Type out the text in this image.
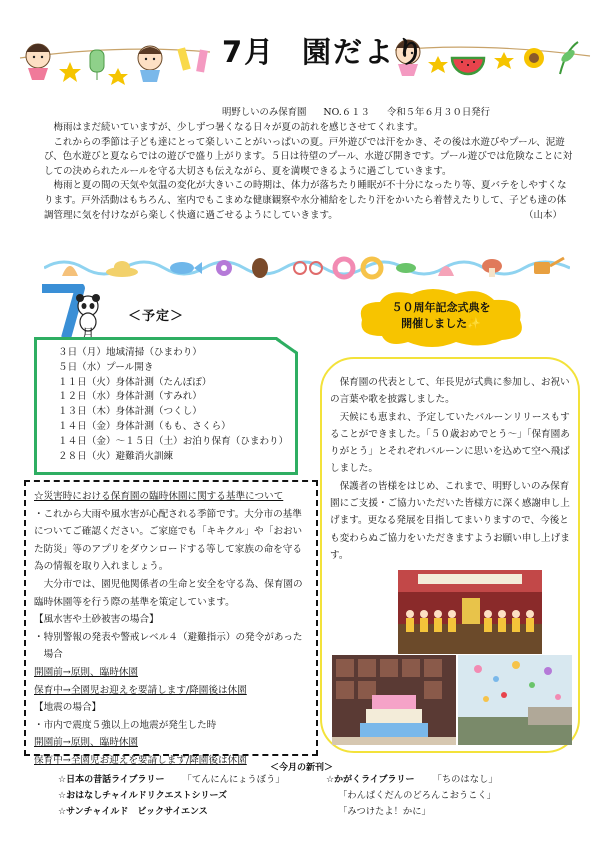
7月 園だより
明野しいのみ保育園 NO.６１３ 令和５年６月３０日発行

梅雨はまだ続いていますが、少しずつ暑くなる日々が夏の訪れを感じさせてくれます。

これからの季節は子ども達にとって楽しいことがいっぱいの夏。戸外遊びでは汗をかき、その後は水遊びやプール、泥遊び、色水遊びと夏ならではの遊びで盛り上がります。５日は待望のプール、水遊び開きです。プール遊びでは危険なことに対しての決められたルールを守る大切さも伝えながら、夏を満喫できるように過ごしていきます。

梅雨と夏の間の天気や気温の変化が大きいこの時期は、体力が落ちたり睡眠が不十分になったり等、夏バテをしやすくなります。戸外活動はもちろん、室内でもこまめな健康観察や水分補給をしたり汗をかいたら着替えたりして、子ども達の体調管理に気を付けながら楽しく快適に過ごせるようにしていきます。	（山本）

月
＜予定＞
３日（月）地域清掃（ひまわり）
５日（水）プール開き
１１日（火）身体計測（たんぽぽ）
１２日（水）身体計測（すみれ）
１３日（木）身体計測（つくし）
１４日（金）身体計測（もも、さくら）
１４日（金）～１５日（土）お泊り保育（ひまわり）
２８日（火）避難消火訓練
☆災害時における保育園の臨時休園に関する基準について
・これから大雨や風水害が心配される季節です。大分市の基準についてご確認ください。ご家庭でも「キキクル」や「おおいた防災」等のアプリをダウンロードする等して家族の命を守る為の情報を取り入れましょう。
大分市では、園児他関係者の生命と安全を守る為、保育園の臨時休園等を行う際の基準を策定しています。
【風水害や土砂被害の場合】
・特別警報の発表や警戒レベル４（避難指示）の発令があった場合
開園前→原則、臨時休園
保育中→全園児お迎えを要請します/降園後は休園
【地震の場合】
・市内で震度５強以上の地震が発生した時
開園前→原則、臨時休園
保育中→全園児お迎えを要請します/降園後は休園
５０周年記念式典を
開催しました✨

保育園の代表として、年長児が式典に参加し、お祝いの言葉や歌を披露しました。

天候にも恵まれ、予定していたバルーンリリースもすることができました。「５０歳おめでとう～」「保育園ありがとう」とそれぞれバルーンに思いを込めて空へ飛ばしました。

保護者の皆様をはじめ、これまで、明野しいのみ保育園にご支援・ご協力いただいた皆様方に深く感謝申し上げます。更なる発展を目指してまいりますので、今後とも変わらぬご協力をいただきますようお願い申し上げます。

＜今月の新刊＞
☆日本の昔話ライブラリー 「てんにんにょうぼう」
☆おはなしチャイルドリクエストシリーズ
☆サンチャイルド　ビックサイエンス
☆かがくライブラリー 「ちのはなし」
「わんぱくだんのどろんこおうこく」
「みつけたよ！かに」
